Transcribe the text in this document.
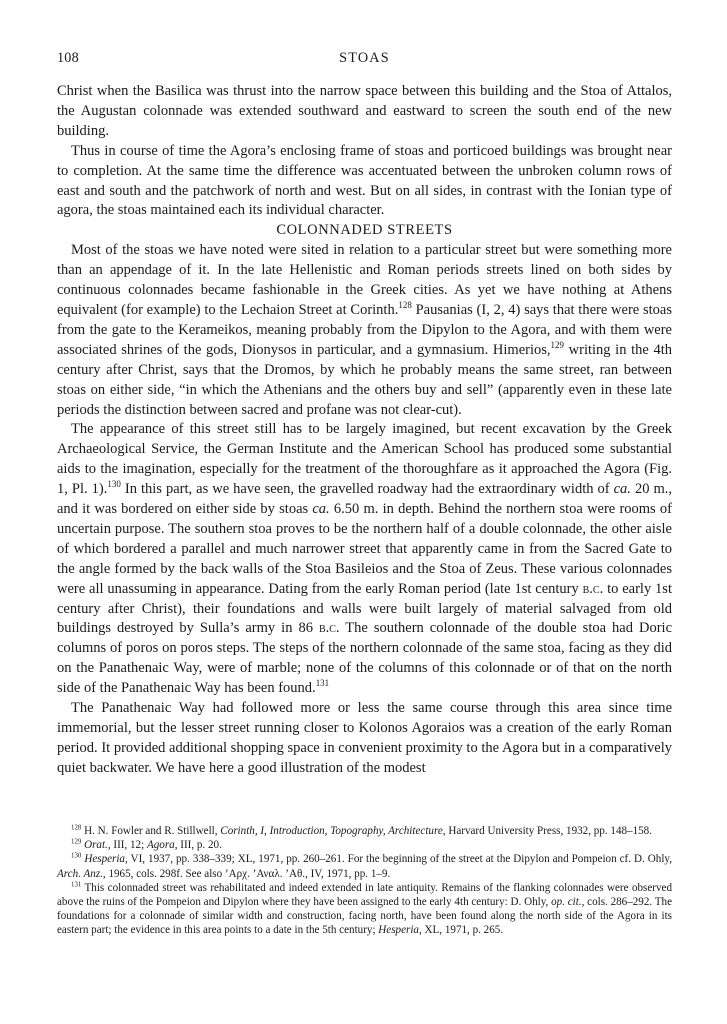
108	STOAS

Christ when the Basilica was thrust into the narrow space between this building and the Stoa of Attalos, the Augustan colonnade was extended southward and eastward to screen the south end of the new building.

Thus in course of time the Agora’s enclosing frame of stoas and porticoed buildings was brought near to completion. At the same time the difference was accentuated between the unbroken column rows of east and south and the patchwork of north and west. But on all sides, in contrast with the Ionian type of agora, the stoas maintained each its individual character.

COLONNADED STREETS

Most of the stoas we have noted were sited in relation to a particular street but were something more than an appendage of it. In the late Hellenistic and Roman periods streets lined on both sides by continuous colonnades became fashionable in the Greek cities. As yet we have nothing at Athens equivalent (for example) to the Lechaion Street at Corinth.$^{128}$ Pausanias (I, 2, 4) says that there were stoas from the gate to the Kerameikos, meaning probably from the Dipylon to the Agora, and with them were associated shrines of the gods, Dionysos in particular, and a gymnasium. Himerios,$^{129}$ writing in the 4th century after Christ, says that the Dromos, by which he probably means the same street, ran between stoas on either side, “in which the Athenians and the others buy and sell” (apparently even in these late periods the distinction between sacred and profane was not clear-cut).

The appearance of this street still has to be largely imagined, but recent excavation by the Greek Archaeological Service, the German Institute and the American School has produced some substantial aids to the imagination, especially for the treatment of the thoroughfare as it approached the Agora (Fig. 1, Pl. 1).$^{130}$ In this part, as we have seen, the gravelled roadway had the extraordinary width of ca. 20 m., and it was bordered on either side by stoas ca. 6.50 m. in depth. Behind the northern stoa were rooms of uncertain purpose. The southern stoa proves to be the northern half of a double colonnade, the other aisle of which bordered a parallel and much narrower street that apparently came in from the Sacred Gate to the angle formed by the back walls of the Stoa Basileios and the Stoa of Zeus. These various colonnades were all unassuming in appearance. Dating from the early Roman period (late 1st century b.c. to early 1st century after Christ), their foundations and walls were built largely of material salvaged from old buildings destroyed by Sulla’s army in 86 b.c. The southern colonnade of the double stoa had Doric columns of poros on poros steps. The steps of the northern colonnade of the same stoa, facing as they did on the Panathenaic Way, were of marble; none of the columns of this colonnade or of that on the north side of the Panathenaic Way has been found.$^{131}$

The Panathenaic Way had followed more or less the same course through this area since time immemorial, but the lesser street running closer to Kolonos Agoraios was a creation of the early Roman period. It provided additional shopping space in convenient proximity to the Agora but in a comparatively quiet backwater. We have here a good illustration of the modest

$^{128}$ H. N. Fowler and R. Stillwell, Corinth, I, Introduction, Topography, Architecture, Harvard University Press, 1932, pp. 148–158.

$^{129}$ Orat., III, 12; Agora, III, p. 20.

$^{130}$ Hesperia, VI, 1937, pp. 338–339; XL, 1971, pp. 260–261. For the beginning of the street at the Dipylon and Pompeion cf. D. Ohly, Arch. Anz., 1965, cols. 298f. See also ’Αρχ. ’Αναλ. ’Αθ., IV, 1971, pp. 1–9.

$^{131}$ This colonnaded street was rehabilitated and indeed extended in late antiquity. Remains of the flanking colonnades were observed above the ruins of the Pompeion and Dipylon where they have been assigned to the early 4th century: D. Ohly, op. cit., cols. 286–292. The foundations for a colonnade of similar width and construction, facing north, have been found along the north side of the Agora in its eastern part; the evidence in this area points to a date in the 5th century; Hesperia, XL, 1971, p. 265.
